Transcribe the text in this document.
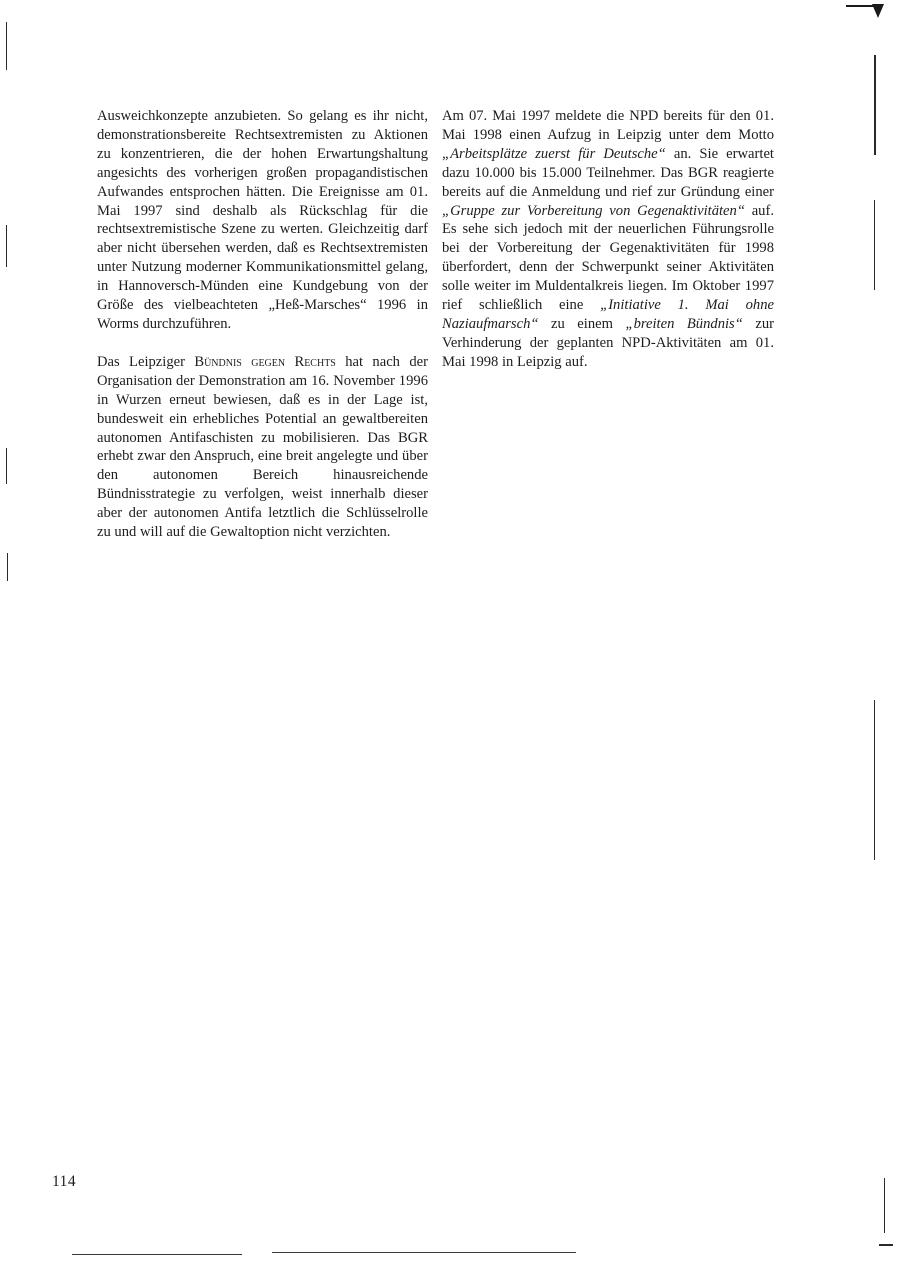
Ausweichkonzepte anzubieten. So gelang es ihr nicht, demonstrationsbereite Rechtsextremisten zu Aktionen zu konzentrieren, die der hohen Erwartungshaltung angesichts des vorherigen großen propagandistischen Aufwandes entsprochen hätten. Die Ereignisse am 01. Mai 1997 sind deshalb als Rückschlag für die rechtsextremistische Szene zu werten. Gleichzeitig darf aber nicht übersehen werden, daß es Rechtsextremisten unter Nutzung moderner Kommunikationsmittel gelang, in Hannoversch-Münden eine Kundgebung von der Größe des vielbeachteten „Heß-Marsches“ 1996 in Worms durchzuführen.

Das Leipziger Bündnis gegen Rechts hat nach der Organisation der Demonstration am 16. November 1996 in Wurzen erneut bewiesen, daß es in der Lage ist, bundesweit ein erhebliches Potential an gewaltbereiten autonomen Antifaschisten zu mobilisieren. Das BGR erhebt zwar den Anspruch, eine breit angelegte und über den autonomen Bereich hinausreichende Bündnisstrategie zu verfolgen, weist innerhalb dieser aber der autonomen Antifa letztlich die Schlüsselrolle zu und will auf die Gewaltoption nicht verzichten.

Am 07. Mai 1997 meldete die NPD bereits für den 01. Mai 1998 einen Aufzug in Leipzig unter dem Motto „Arbeitsplätze zuerst für Deutsche“ an. Sie erwartet dazu 10.000 bis 15.000 Teilnehmer. Das BGR reagierte bereits auf die Anmeldung und rief zur Gründung einer „Gruppe zur Vorbereitung von Gegenaktivitäten“ auf. Es sehe sich jedoch mit der neuerlichen Führungsrolle bei der Vorbereitung der Gegenaktivitäten für 1998 überfordert, denn der Schwerpunkt seiner Aktivitäten solle weiter im Muldentalkreis liegen. Im Oktober 1997 rief schließlich eine „Initiative 1. Mai ohne Naziaufmarsch“ zu einem „breiten Bündnis“ zur Verhinderung der geplanten NPD-Aktivitäten am 01. Mai 1998 in Leipzig auf.

114
